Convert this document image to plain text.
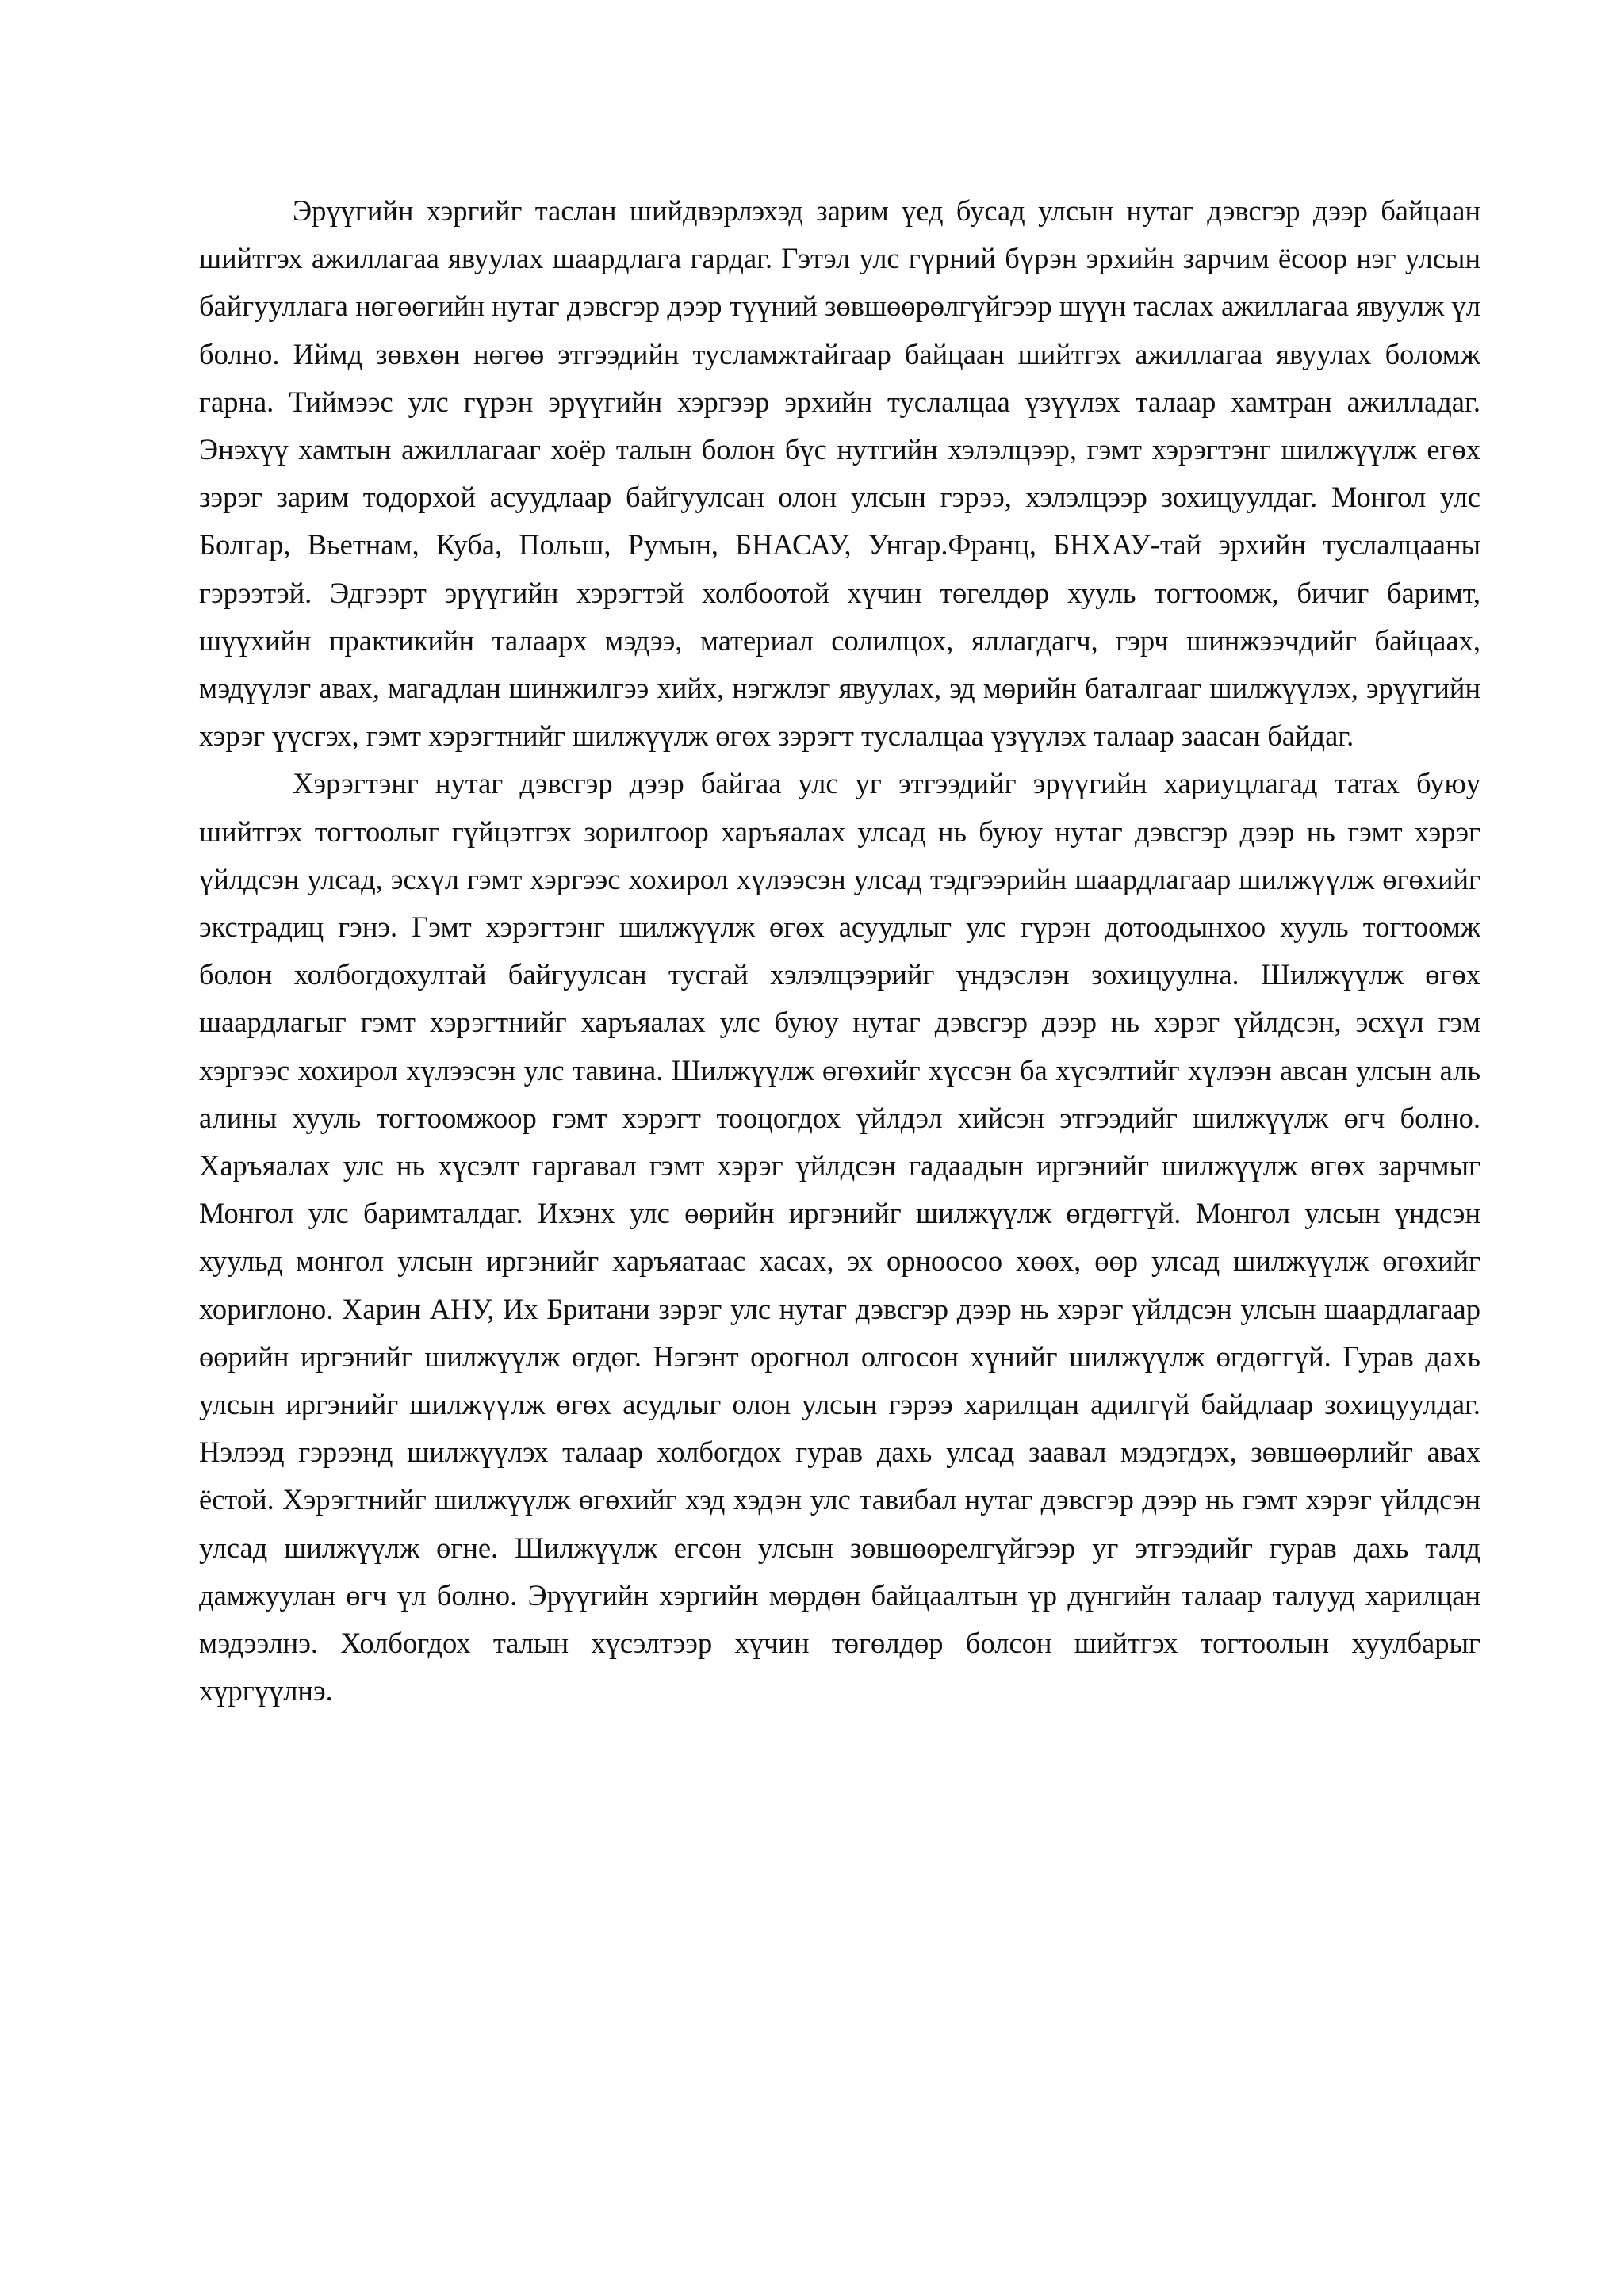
Эрүүгийн хэргийг таслан шийдвэрлэхэд зарим үед бусад улсын нутаг дэвсгэр дээр байцаан шийтгэх ажиллагаа явуулах шаардлага гардаг. Гэтэл улс гүрний бүрэн эрхийн зарчим ёсоор нэг улсын байгууллага нөгөөгийн нутаг дэвсгэр дээр түүний зөвшөөрөлгүйгээр шүүн таслах ажиллагаа явуулж үл болно. Иймд зөвхөн нөгөө этгээдийн тусламжтайгаар байцаан шийтгэх ажиллагаа явуулах боломж гарна. Тиймээс улс гүрэн эрүүгийн хэргээр эрхийн туслалцаа үзүүлэх талаар хамтран ажилладаг. Энэхүү хамтын ажиллагааг хоёр талын болон бүс нутгийн хэлэлцээр, гэмт хэрэгтэнг шилжүүлж егөх зэрэг зарим тодорхой асуудлаар байгуулсан олон улсын гэрээ, хэлэлцээр зохицуулдаг. Монгол улс Болгар, Вьетнам, Куба, Польш, Румын, БНАСАУ, Унгар.Франц, БНХАУ-тай эрхийн туслалцааны гэрээтэй. Эдгээрт эрүүгийн хэрэгтэй холбоотой хүчин төгелдөр хууль тогтоомж, бичиг баримт, шүүхийн практикийн талаарх мэдээ, материал солилцох, яллагдагч, гэрч шинжээчдийг байцаах, мэдүүлэг авах, магадлан шинжилгээ хийх, нэгжлэг явуулах, эд мөрийн баталгааг шилжүүлэх, эрүүгийн хэрэг үүсгэх, гэмт хэрэгтнийг шилжүүлж өгөх зэрэгт туслалцаа үзүүлэх талаар заасан байдаг.

Хэрэгтэнг нутаг дэвсгэр дээр байгаа улс уг этгээдийг эрүүгийн хариуцлагад татах буюу шийтгэх тогтоолыг гүйцэтгэх зорилгоор харъяалах улсад нь буюу нутаг дэвсгэр дээр нь гэмт хэрэг үйлдсэн улсад, эсхүл гэмт хэргээс хохирол хүлээсэн улсад тэдгээрийн шаардлагаар шилжүүлж өгөхийг экстрадиц гэнэ. Гэмт хэрэгтэнг шилжүүлж өгөх асуудлыг улс гүрэн дотоодынхоо хууль тогтоомж болон холбогдохултай байгуулсан тусгай хэлэлцээрийг үндэслэн зохицуулна. Шилжүүлж өгөх шаардлагыг гэмт хэрэгтнийг харъяалах улс буюу нутаг дэвсгэр дээр нь хэрэг үйлдсэн, эсхүл гэм хэргээс хохирол хүлээсэн улс тавина. Шилжүүлж өгөхийг хүссэн ба хүсэлтийг хүлээн авсан улсын аль алины хууль тогтоомжоор гэмт хэрэгт тооцогдох үйлдэл хийсэн этгээдийг шилжүүлж өгч болно. Харъяалах улс нь хүсэлт гаргавал гэмт хэрэг үйлдсэн гадаадын иргэнийг шилжүүлж өгөх зарчмыг Монгол улс баримталдаг. Ихэнх улс өөрийн иргэнийг шилжүүлж өгдөггүй. Монгол улсын үндсэн хуульд монгол улсын иргэнийг харъяатаас хасах, эх орноосоо хөөх, өөр улсад шилжүүлж өгөхийг хориглоно. Харин АНУ, Их Британи зэрэг улс нутаг дэвсгэр дээр нь хэрэг үйлдсэн улсын шаардлагаар өөрийн иргэнийг шилжүүлж өгдөг. Нэгэнт орогнол олгосон хүнийг шилжүүлж өгдөггүй. Гурав дахь улсын иргэнийг шилжүүлж өгөх асудлыг олон улсын гэрээ харилцан адилгүй байдлаар зохицуулдаг. Нэлээд гэрээнд шилжүүлэх талаар холбогдох гурав дахь улсад заавал мэдэгдэх, зөвшөөрлийг авах ёстой. Хэрэгтнийг шилжүүлж өгөхийг хэд хэдэн улс тавибал нутаг дэвсгэр дээр нь гэмт хэрэг үйлдсэн улсад шилжүүлж өгне. Шилжүүлж егсөн улсын зөвшөөрелгүйгээр уг этгээдийг гурав дахь талд дамжуулан өгч үл болно. Эрүүгийн хэргийн мөрдөн байцаалтын үр дүнгийн талаар талууд харилцан мэдээлнэ. Холбогдох талын хүсэлтээр хүчин төгөлдөр болсон шийтгэх тогтоолын хуулбарыг хүргүүлнэ.
